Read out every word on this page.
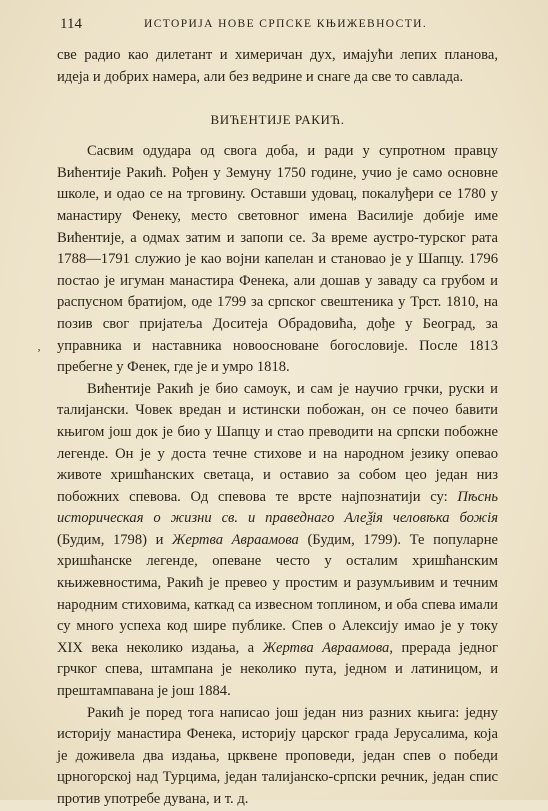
114	ИСТОРИЈА НОВЕ СРПСКЕ КЊИЖЕВНОСТИ.
ʼ

све радио као дилетант и химеричан дух, имајући лепих планова, идеја и добрих намера, али без ведрине и снаге да све то савлада.

ВИЋЕНТИЈЕ РАКИЋ.

Сасвим одудара од свога доба, и ради у супротном правцу Вићентије Ракић. Рођен у Земуну 1750 године, учио је само основне школе, и одао се на трговину. Оставши удовац, покалуђери се 1780 у манастиру Фенеку, место световног имена Василије добије име Вићентије, а одмах затим и запопи се. За време аустро-турског рата 1788—1791 служио је као војни капелан и становао је у Шапцу. 1796 постао је игуман манастира Фенека, али дошав у заваду са грубом и распусном братијом, оде 1799 за српског свештеника у Трст. 1810, на позив свог пријатеља Доситеја Обрадовића, дође у Београд, за управника и наставника новоосноване богословије. После 1813 пребегне у Фенек, где је и умро 1818.

Вићентије Ракић је био самоук, и сам је научио грчки, руски и талијански. Човек вредан и истински побожан, он се почео бавити књигом још док је био у Шапцу и стао преводити на српски побожне легенде. Он је у доста течне стихове и на народном језику опевао животе хришћанских светаца, и оставио за собом цео један низ побожних спевова. Од спевова те врсте најпознатији су: Пѣснь историческая о жизни св. и праведнаго Алеѯія человѣка божія (Будим, 1798) и Жертва Авраамова (Будим, 1799). Те популарне хришћанске легенде, опеване често у осталим хришћанским књижевностима, Ракић је превео у простим и разумљивим и течним народним стиховима, каткад са извесном топлином, и оба спева имали су много успеха код шире публике. Спев о Алексију имао је у току XIX века неколико издања, а Жертва Авраамова, прерада једног грчког спева, штампана је неколико пута, једном и латиницом, и прештампавана је још 1884.

Ракић је поред тога написао још један низ разних књига: једну историју манастира Фенека, историју царског града Јерусалима, која је доживела два издања, црквене проповеди, један спев о победи црногорској над Турцима, један талијанско-српски речник, један спис против употребе дувана, и т. д.
